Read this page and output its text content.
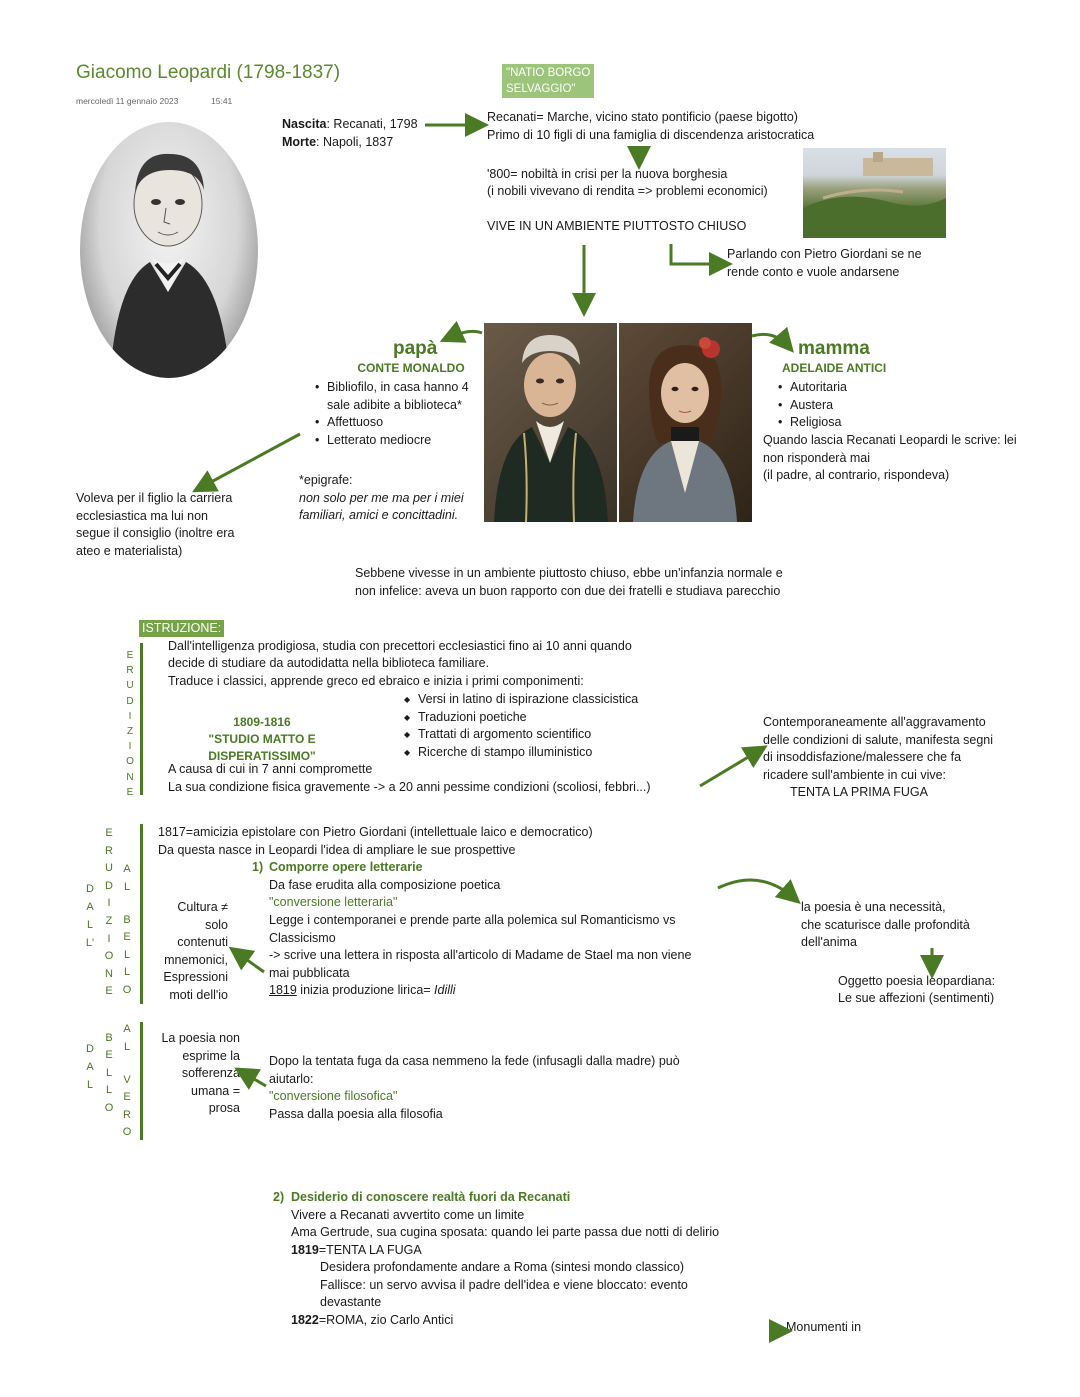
Giacomo Leopardi (1798-1837)
mercoledì 11 gennaio 2023	15:41
"NATIO BORGO
SELVAGGIO"
Nascita: Recanati, 1798
Morte: Napoli, 1837
Recanati= Marche, vicino stato pontificio (paese bigotto)
Primo di 10 figli di una famiglia di discendenza aristocratica
'800= nobiltà in crisi per la nuova borghesia
(i nobili vivevano di rendita => problemi economici)
VIVE IN UN AMBIENTE PIUTTOSTO CHIUSO
Parlando con Pietro Giordani se ne
rende conto e vuole andarsene
papà
CONTE MONALDO
• Bibliofilo, in casa hanno 4
sale adibite a biblioteca*
• Affettuoso
• Letterato mediocre
*epigrafe:
non solo per me ma per i miei
familiari, amici e concittadini.
mamma
ADELAIDE ANTICI
• Autoritaria
• Austera
• Religiosa
Quando lascia Recanati Leopardi le scrive: lei
non risponderà mai
(il padre, al contrario, rispondeva)
Voleva per il figlio la carriera
ecclesiastica ma lui non
segue il consiglio (inoltre era
ateo e materialista)
Sebbene vivesse in un ambiente piuttosto chiuso, ebbe un'infanzia normale e
non infelice: aveva un buon rapporto con due dei fratelli e studiava parecchio
ISTRUZIONE:
E
R
U
D
I
Z
I
O
N
E
Dall'intelligenza prodigiosa, studia con precettori ecclesiastici fino ai 10 anni quando
decide di studiare da autodidatta nella biblioteca familiare.
Traduce i classici, apprende greco ed ebraico e inizia i primi componimenti:
◆ Versi in latino di ispirazione classicistica
◆ Traduzioni poetiche
◆ Trattati di argomento scientifico
◆ Ricerche di stampo illuministico
1809-1816
"STUDIO MATTO E
DISPERATISSIMO"
A causa di cui in 7 anni compromette
La sua condizione fisica gravemente -> a 20 anni pessime condizioni (scoliosi, febbri...)
Contemporaneamente all'aggravamento
delle condizioni di salute, manifesta segni
di insoddisfazione/malessere che fa
ricadere sull'ambiente in cui vive:
TENTA LA PRIMA FUGA
D
A
L
L'
E
R
U
D
I
Z
I
O
N
E
A
L
B
E
L
L
O
Cultura ≠
solo
contenuti
mnemonici,
Espressioni
moti dell'io
1817=amicizia epistolare con Pietro Giordani (intellettuale laico e democratico)
Da questa nasce in Leopardi l'idea di ampliare le sue prospettive
1) Comporre opere letterarie
Da fase erudita alla composizione poetica
"conversione letteraria"
Legge i contemporanei e prende parte alla polemica sul Romanticismo vs
Classicismo
-> scrive una lettera in risposta all'articolo di Madame de Stael ma non viene
mai pubblicata
1819 inizia produzione lirica= Idilli
la poesia è una necessità,
che scaturisce dalle profondità
dell'anima
Oggetto poesia leopardiana:
Le sue affezioni (sentimenti)
D
A
L
B
E
L
L
O
A
L
V
E
R
O
La poesia non
esprime la
sofferenza
umana =
prosa
Dopo la tentata fuga da casa nemmeno la fede (infusagli dalla madre) può
aiutarlo:
"conversione filosofica"
Passa dalla poesia alla filosofia
2) Desiderio di conoscere realtà fuori da Recanati
Vivere a Recanati avvertito come un limite
Ama Gertrude, sua cugina sposata: quando lei parte passa due notti di delirio
1819=TENTA LA FUGA
Desidera profondamente andare a Roma (sintesi mondo classico)
Fallisce: un servo avvisa il padre dell'idea e viene bloccato: evento
devastante
1822=ROMA, zio Carlo Antici	Monumenti in
